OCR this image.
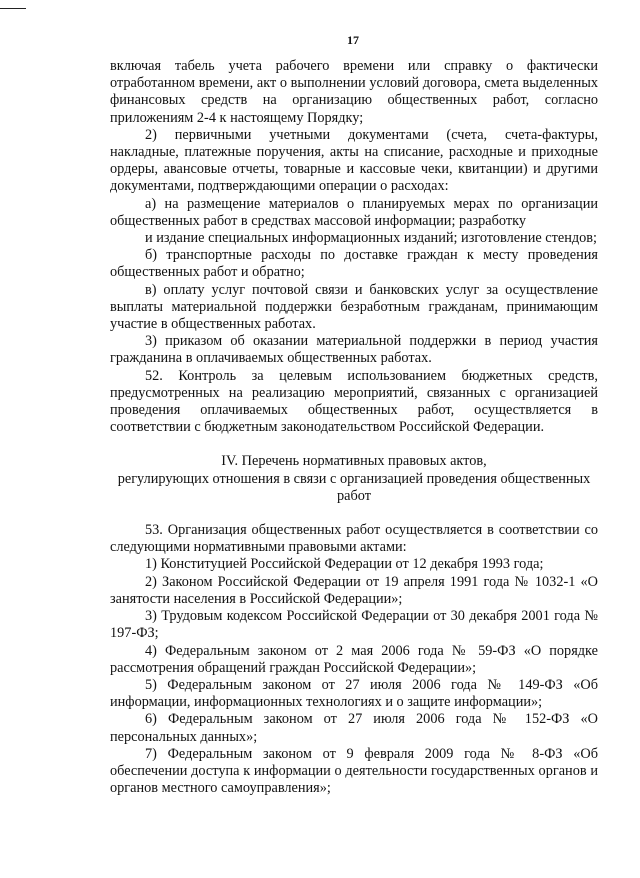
17

включая табель учета рабочего времени или справку о фактически отработанном времени, акт о выполнении условий договора, смета выделенных финансовых средств на организацию общественных работ, согласно приложениям 2-4 к настоящему Порядку;

2) первичными учетными документами (счета, счета-фактуры, накладные, платежные поручения, акты на списание, расходные и приходные ордеры, авансовые отчеты, товарные и кассовые чеки, квитанции) и другими документами, подтверждающими операции о расходах:

а) на размещение материалов о планируемых мерах по организации общественных работ в средствах массовой информации; разработку

и издание специальных информационных изданий; изготовление стендов;

б) транспортные расходы по доставке граждан к месту проведения общественных работ и обратно;

в) оплату услуг почтовой связи и банковских услуг за осуществление выплаты материальной поддержки безработным гражданам, принимающим участие в общественных работах.

3) приказом об оказании материальной поддержки в период участия гражданина в оплачиваемых общественных работах.

52. Контроль за целевым использованием бюджетных средств, предусмотренных на реализацию мероприятий, связанных с организацией проведения оплачиваемых общественных работ, осуществляется в соответствии с бюджетным законодательством Российской Федерации.

IV. Перечень нормативных правовых актов,

регулирующих отношения в связи с организацией проведения общественных работ

53. Организация общественных работ осуществляется в соответствии со следующими нормативными правовыми актами:

1) Конституцией Российской Федерации от 12 декабря 1993 года;

2) Законом Российской Федерации от 19 апреля 1991 года № 1032-1 «О занятости населения в Российской Федерации»;

3) Трудовым кодексом Российской Федерации от 30 декабря 2001 года № 197-ФЗ;

4) Федеральным законом от 2 мая 2006 года № 59-ФЗ «О порядке рассмотрения обращений граждан Российской Федерации»;

5) Федеральным законом от 27 июля 2006 года № 149-ФЗ «Об информации, информационных технологиях и о защите информации»;

6) Федеральным законом от 27 июля 2006 года № 152-ФЗ «О персональных данных»;

7) Федеральным законом от 9 февраля 2009 года № 8-ФЗ «Об обеспечении доступа к информации о деятельности государственных органов и органов местного самоуправления»;
